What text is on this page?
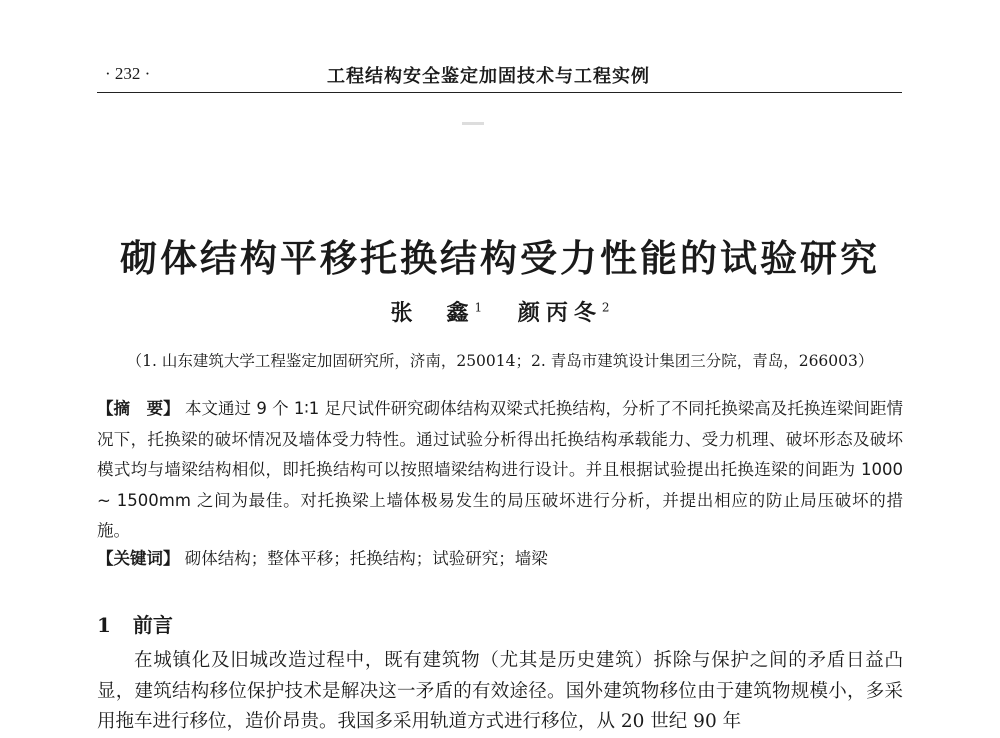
· 232 ·	工程结构安全鉴定加固技术与工程实例
砌体结构平移托换结构受力性能的试验研究
张　鑫$^1$ 颜丙冬$^2$
（1. 山东建筑大学工程鉴定加固研究所，济南，250014；2. 青岛市建筑设计集团三分院，青岛，266003）
【摘　要】 本文通过 9 个 1∶1 足尺试件研究砌体结构双梁式托换结构，分析了不同托换梁高及托换连梁间距情况下，托换梁的破坏情况及墙体受力特性。通过试验分析得出托换结构承载能力、受力机理、破坏形态及破坏模式均与墙梁结构相似，即托换结构可以按照墙梁结构进行设计。并且根据试验提出托换连梁的间距为 1000 ~ 1500mm 之间为最佳。对托换梁上墙体极易发生的局压破坏进行分析，并提出相应的防止局压破坏的措施。
【关键词】 砌体结构；整体平移；托换结构；试验研究；墙梁
1 前言
在城镇化及旧城改造过程中，既有建筑物（尤其是历史建筑）拆除与保护之间的矛盾日益凸显，建筑结构移位保护技术是解决这一矛盾的有效途径。国外建筑物移位由于建筑物规模小，多采用拖车进行移位，造价昂贵。我国多采用轨道方式进行移位，从 20 世纪 90 年
